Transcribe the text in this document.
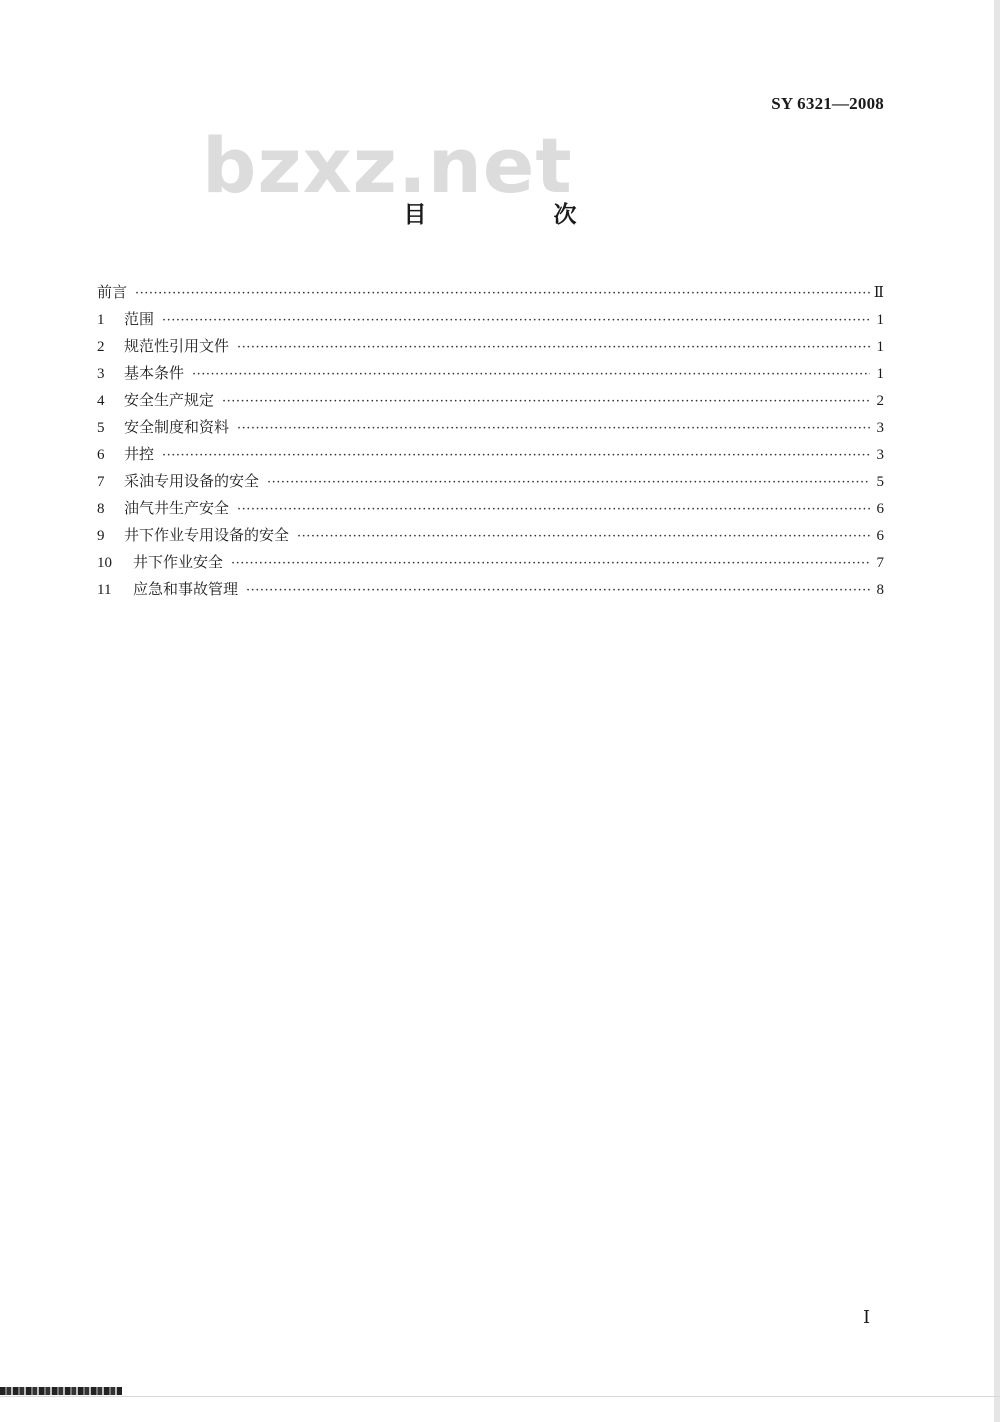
SY 6321—2008
bzxz.net
目　次
前言 ·····	Ⅱ
1	范围 ·····	1
2	规范性引用文件 ·····	1
3	基本条件 ·····	1
4	安全生产规定 ·····	2
5	安全制度和资料 ·····	3
6	井控 ·····	3
7	采油专用设备的安全 ·····	5
8	油气井生产安全 ·····	6
9	井下作业专用设备的安全 ·····	6
10	井下作业安全 ·····	7
11	应急和事故管理 ·····	8
Ⅰ
